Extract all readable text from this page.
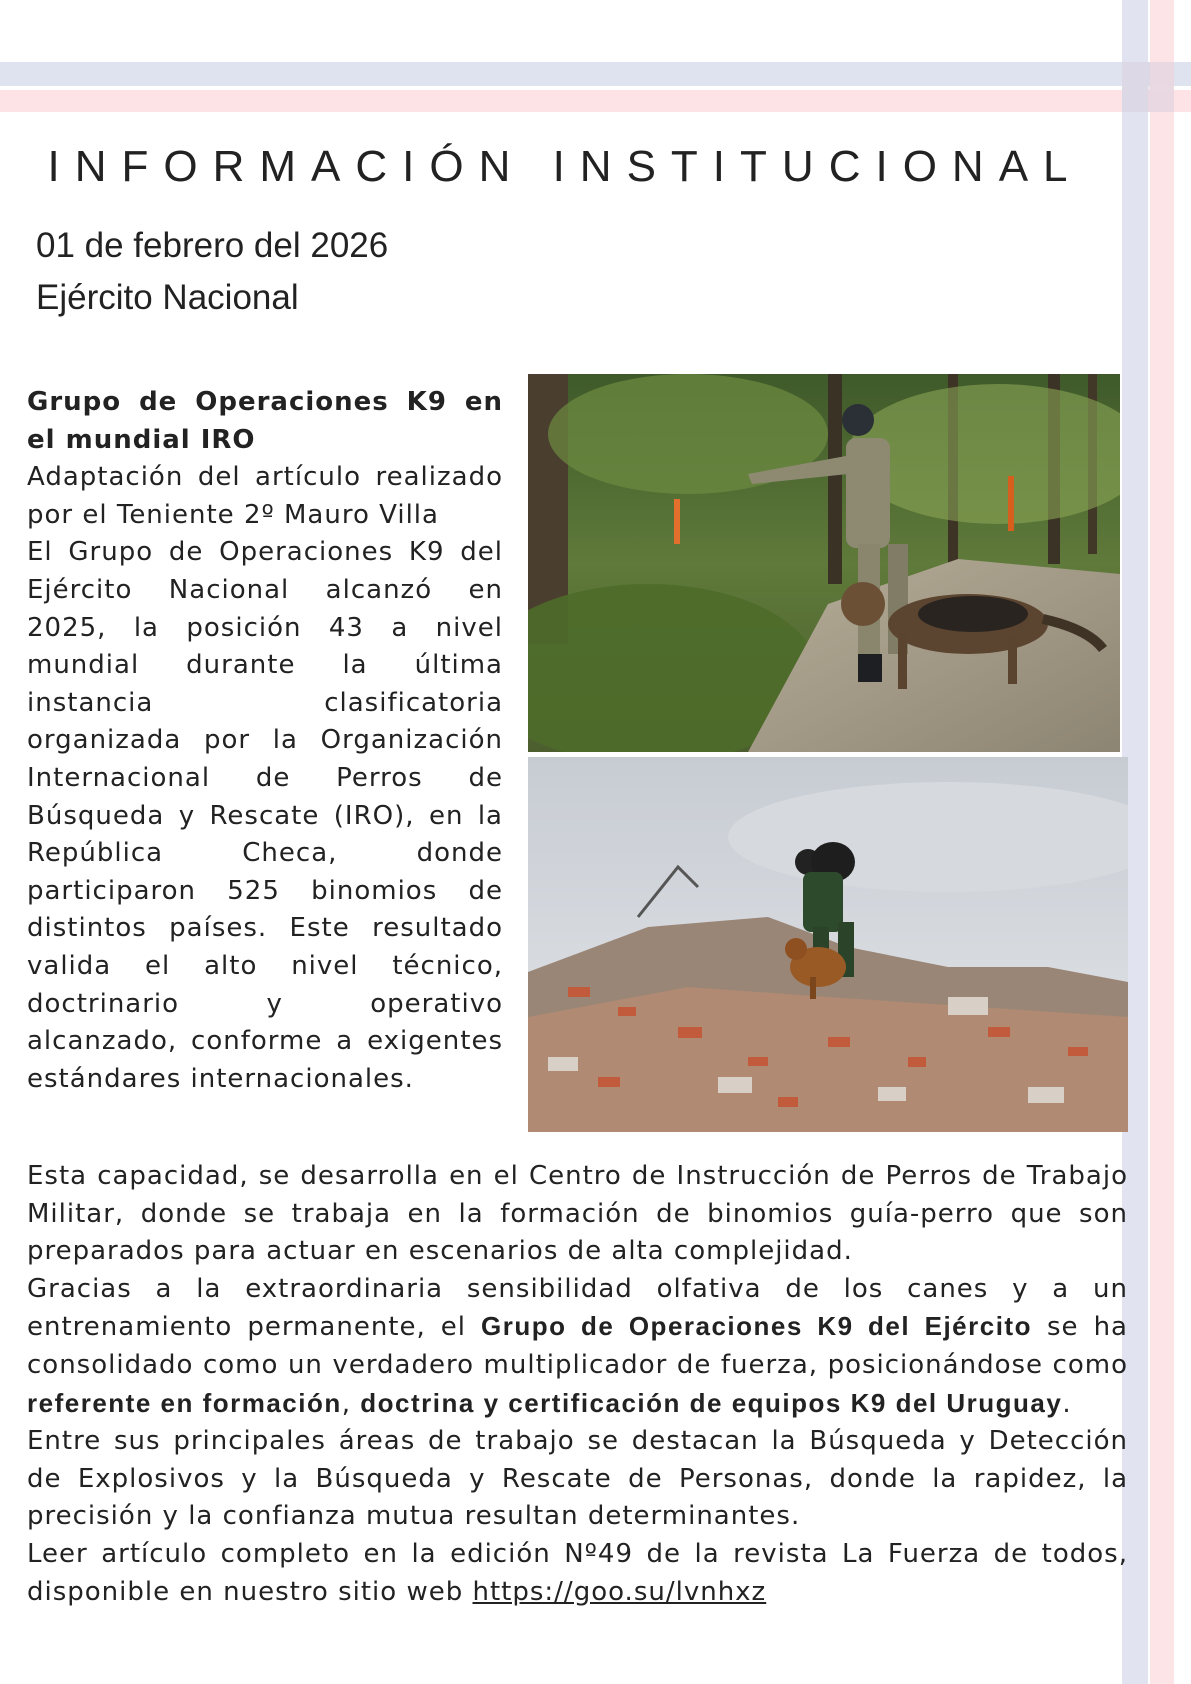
INFORMACIÓN INSTITUCIONAL
01 de febrero del 2026
Ejército Nacional
Grupo de Operaciones K9 en el mundial IRO
Adaptación del artículo realizado por el Teniente 2º Mauro Villa
El Grupo de Operaciones K9 del Ejército Nacional alcanzó en 2025, la posición 43 a nivel mundial durante la última instancia clasificatoria organizada por la Organización Internacional de Perros de Búsqueda y Rescate (IRO), en la República Checa, donde participaron 525 binomios de distintos países. Este resultado valida el alto nivel técnico, doctrinario y operativo alcanzado, conforme a exigentes estándares internacionales.
Esta capacidad, se desarrolla en el Centro de Instrucción de Perros de Trabajo Militar, donde se trabaja en la formación de binomios guía-perro que son preparados para actuar en escenarios de alta complejidad.
Gracias a la extraordinaria sensibilidad olfativa de los canes y a un entrenamiento permanente, el Grupo de Operaciones K9 del Ejército se ha consolidado como un verdadero multiplicador de fuerza, posicionándose como referente en formación, doctrina y certificación de equipos K9 del Uruguay.
Entre sus principales áreas de trabajo se destacan la Búsqueda y Detección de Explosivos y la Búsqueda y Rescate de Personas, donde la rapidez, la precisión y la confianza mutua resultan determinantes.
Leer artículo completo en la edición Nº49 de la revista La Fuerza de todos, disponible en nuestro sitio web https://goo.su/lvnhxz
